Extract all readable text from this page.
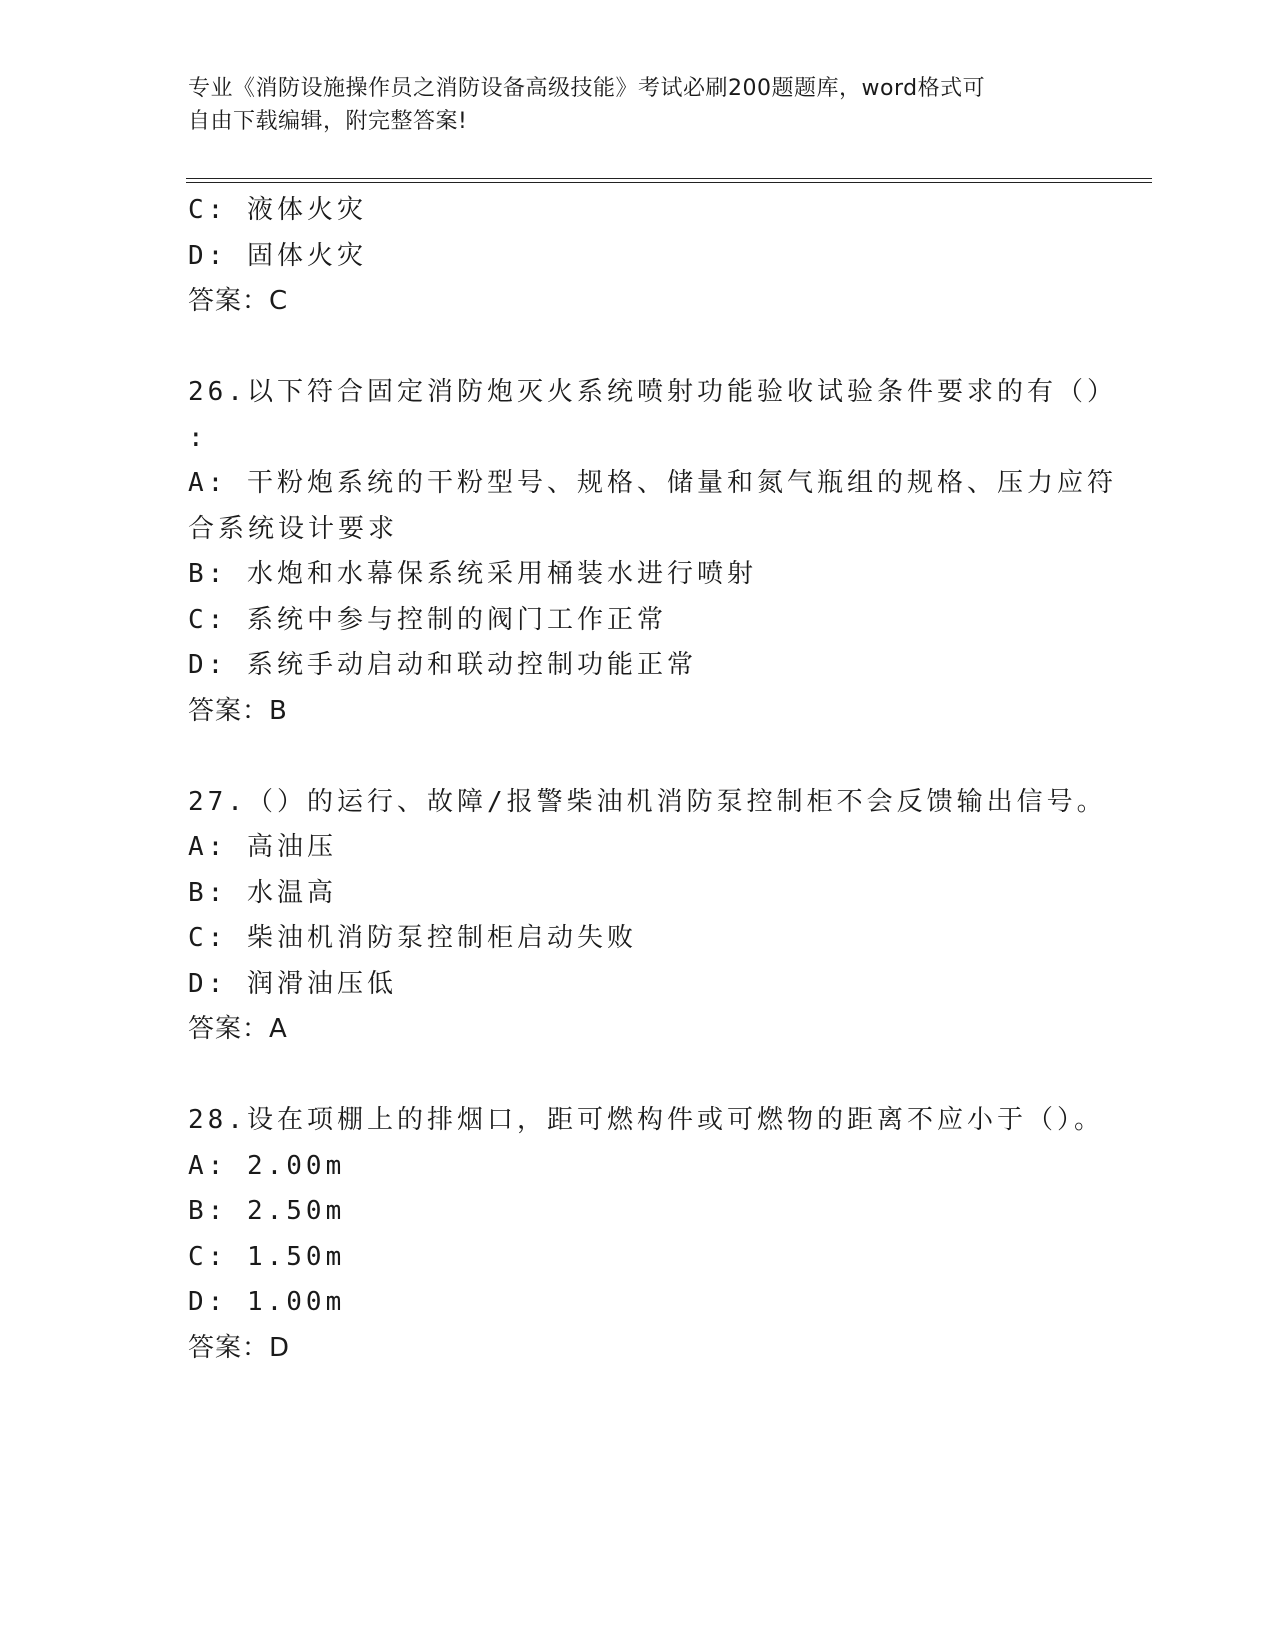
专业《消防设施操作员之消防设备高级技能》考试必刷200题题库，word格式可
自由下载编辑，附完整答案!
C: 液体火灾
D: 固体火灾
答案：C
26.以下符合固定消防炮灭火系统喷射功能验收试验条件要求的有（）
:
A: 干粉炮系统的干粉型号、规格、储量和氮气瓶组的规格、压力应符
合系统设计要求
B: 水炮和水幕保系统采用桶装水进行喷射
C: 系统中参与控制的阀门工作正常
D: 系统手动启动和联动控制功能正常
答案：B
27.（）的运行、故障/报警柴油机消防泵控制柜不会反馈输出信号。
A: 高油压
B: 水温高
C: 柴油机消防泵控制柜启动失败
D: 润滑油压低
答案：A
28.设在项棚上的排烟口，距可燃构件或可燃物的距离不应小于（）。
A: 2.00m
B: 2.50m
C: 1.50m
D: 1.00m
答案：D
